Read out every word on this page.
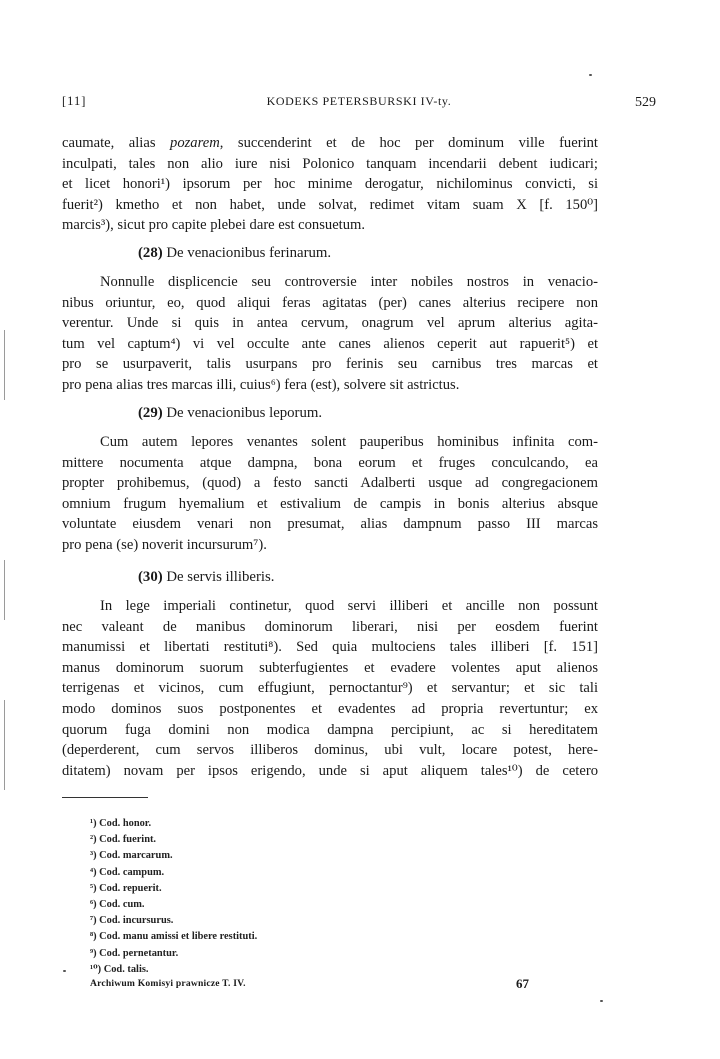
[11]	KODEKS PETERSBURSKI IV-ty.	529
caumate, alias pozarem, succenderint et de hoc per dominum ville fuerint
inculpati, tales non alio iure nisi Polonico tanquam incendarii debent iudicari;
et licet honori¹) ipsorum per hoc minime derogatur, nichilominus convicti, si
fuerit²) kmetho et non habet, unde solvat, redimet vitam suam X [f. 150⁰]
marcis³), sicut pro capite plebei dare est consuetum.
(28) De venacionibus ferinarum.
Nonnulle displicencie seu controversie inter nobiles nostros in venacio-
nibus oriuntur, eo, quod aliqui feras agitatas (per) canes alterius recipere non
verentur. Unde si quis in antea cervum, onagrum vel aprum alterius agita-
tum vel captum⁴) vi vel occulte ante canes alienos ceperit aut rapuerit⁵) et
pro se usurpaverit, talis usurpans pro ferinis seu carnibus tres marcas et
pro pena alias tres marcas illi, cuius⁶) fera (est), solvere sit astrictus.
(29) De venacionibus leporum.
Cum autem lepores venantes solent pauperibus hominibus infinita com-
mittere nocumenta atque dampna, bona eorum et fruges conculcando, ea
propter prohibemus, (quod) a festo sancti Adalberti usque ad congregacionem
omnium frugum hyemalium et estivalium de campis in bonis alterius absque
voluntate eiusdem venari non presumat, alias dampnum passo III marcas
pro pena (se) noverit incursurum⁷).
(30) De servis illiberis.
In lege imperiali continetur, quod servi illiberi et ancille non possunt
nec valeant de manibus dominorum liberari, nisi per eosdem fuerint
manumissi et libertati restituti⁸). Sed quia multociens tales illiberi [f. 151]
manus dominorum suorum subterfugientes et evadere volentes aput alienos
terrigenas et vicinos, cum effugiunt, pernoctantur⁹) et servantur; et sic tali
modo dominos suos postponentes et evadentes ad propria revertuntur; ex
quorum fuga domini non modica dampna percipiunt, ac si hereditatem
(deperderent, cum servos illiberos dominus, ubi vult, locare potest, here-
ditatem) novam per ipsos erigendo, unde si aput aliquem tales¹⁰) de cetero
¹) Cod. honor.
²) Cod. fuerint.
³) Cod. marcarum.
⁴) Cod. campum.
⁵) Cod. repuerit.
⁶) Cod. cum.
⁷) Cod. incursurus.
⁸) Cod. manu amissi et libere restituti.
⁹) Cod. pernetantur.
¹⁰) Cod. talis.
Archiwum Komisyi prawnicze T. IV.	67
